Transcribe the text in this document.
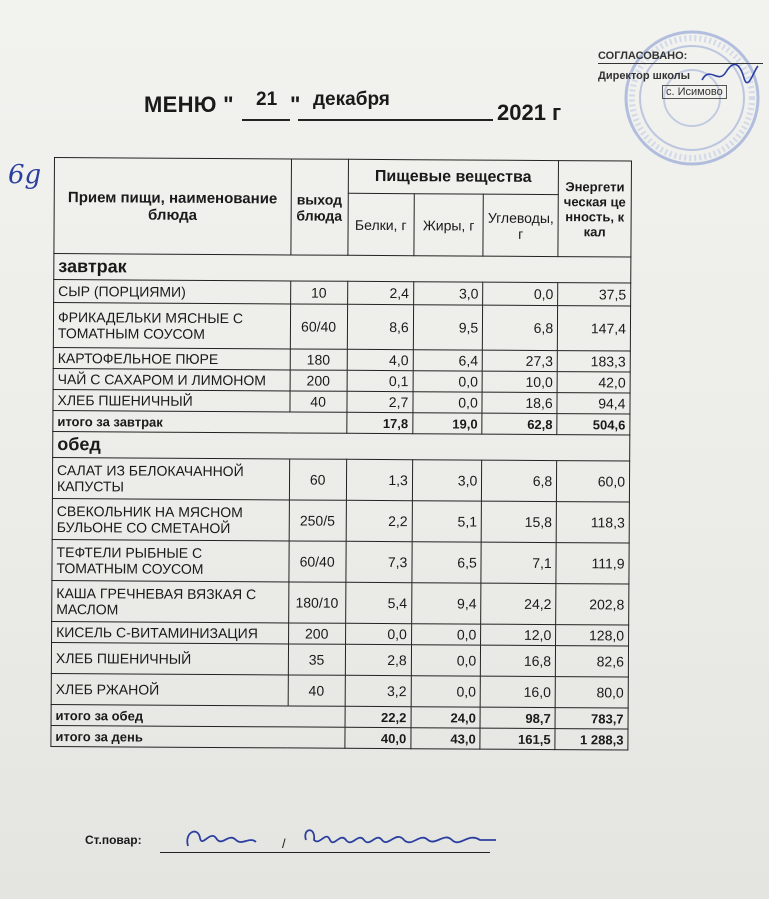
СОГЛАСОВАНО:
Директор школы
с. Исимово
МЕНЮ " 21 " декабря
2021 г
6g
Прием пищи, наименование блюда	выход блюда	Пищевые вещества			Энергетическая ценность, ккал
		Белки, г	Жиры, г	Углеводы, г	
завтрак					
СЫР (ПОРЦИЯМИ)	10	2,4	3,0	0,0	37,5
ФРИКАДЕЛЬКИ МЯСНЫЕ С ТОМАТНЫМ СОУСОМ	60/40	8,6	9,5	6,8	147,4
КАРТОФЕЛЬНОЕ ПЮРЕ	180	4,0	6,4	27,3	183,3
ЧАЙ С САХАРОМ И ЛИМОНОМ	200	0,1	0,0	10,0	42,0
ХЛЕБ ПШЕНИЧНЫЙ	40	2,7	0,0	18,6	94,4
итого за завтрак		17,8	19,0	62,8	504,6
обед					
САЛАТ ИЗ БЕЛОКАЧАННОЙ КАПУСТЫ	60	1,3	3,0	6,8	60,0
СВЕКОЛЬНИК НА МЯСНОМ БУЛЬОНЕ СО СМЕТАНОЙ	250/5	2,2	5,1	15,8	118,3
ТЕФТЕЛИ РЫБНЫЕ С ТОМАТНЫМ СОУСОМ	60/40	7,3	6,5	7,1	111,9
КАША ГРЕЧНЕВАЯ ВЯЗКАЯ С МАСЛОМ	180/10	5,4	9,4	24,2	202,8
КИСЕЛЬ С-ВИТАМИНИЗАЦИЯ	200	0,0	0,0	12,0	128,0
ХЛЕБ ПШЕНИЧНЫЙ	35	2,8	0,0	16,8	82,6
ХЛЕБ РЖАНОЙ	40	3,2	0,0	16,0	80,0
итого за обед		22,2	24,0	98,7	783,7
итого за день		40,0	43,0	161,5	1 288,3
Ст.повар:	/
